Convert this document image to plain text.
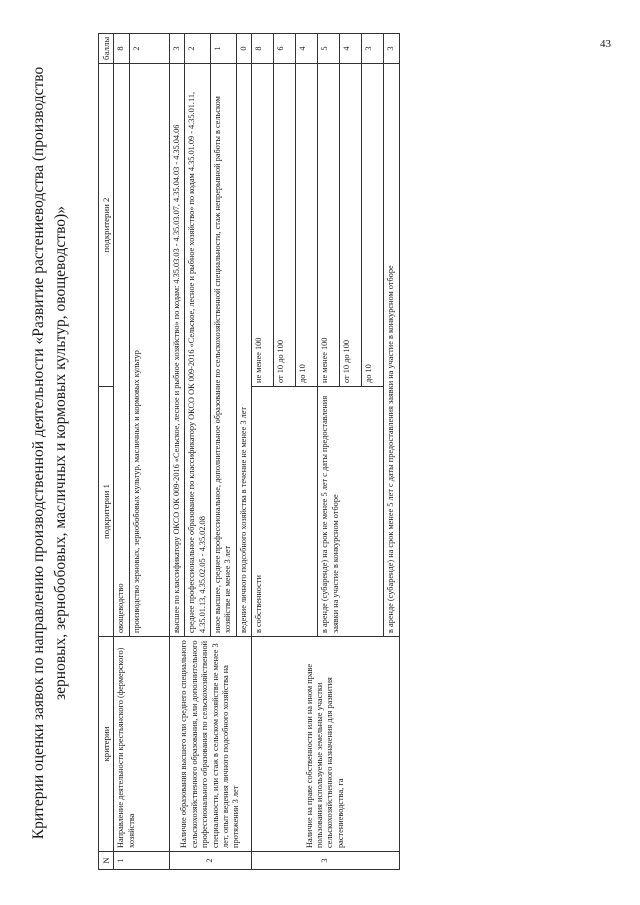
43
Критерии оценки заявок по направлению производственной деятельности «Развитие растениеводства (производство зерновых, зернобобовых, масличных и кормовых культур, овощеводство)»
N	критерии	подкритерии 1	подкритерии 2	баллы
1	Направление деятельности крестьянского (фермерского) хозяйства	овощеводство		8
		производство зерновых, зернобобовых культур, масличных и кормовых культур		2
2	Наличие образования высшего или среднего специального сельскохозяйственного образования, или дополнительного профессионального образования по сельскохозяйственной специальности, или стаж в сельском хозяйстве не менее 3 лет, опыт ведения личного подсобного хозяйства на протяжении 3 лет	высшее по классификатору ОКСО ОК 009-2016 «Сельское, лесное и рыбное хозяйство» по кодам: 4.35.03.03 - 4.35.03.07, 4.35.04.03 - 4.35.04.06		3
		среднее профессиональное образование по классификатору ОКСО ОК 009-2016 «Сельское, лесное и рыбное хозяйство» по кодам 4.35.01.09 - 4.35.01.11, 4.35.01.13, 4.35.02.05 - 4.35.02.08		2
		иное высшее, среднее профессиональное, дополнительное образование по сельскохозяйственной специальности, стаж непрерывной работы в сельском хозяйстве не менее 3 лет		1
		ведение личного подсобного хозяйства в течение не менее 3 лет		0
3	Наличие на праве собственности или на ином праве пользования используемые земельные участки сельскохозяйственного назначения для развития растениеводства, га	в собственности	не менее 100	8
			от 10 до 100	6
			до 10	4
		в аренде (субаренде) на срок не менее 5 лет с даты предоставления заявки на участие в конкурсном отборе	не менее 100	5
			от 10 до 100	4
			до 10	3
		в аренде (субаренде) на срок менее 5 лет с даты предоставления заявки на участие в конкурсном отборе		3
